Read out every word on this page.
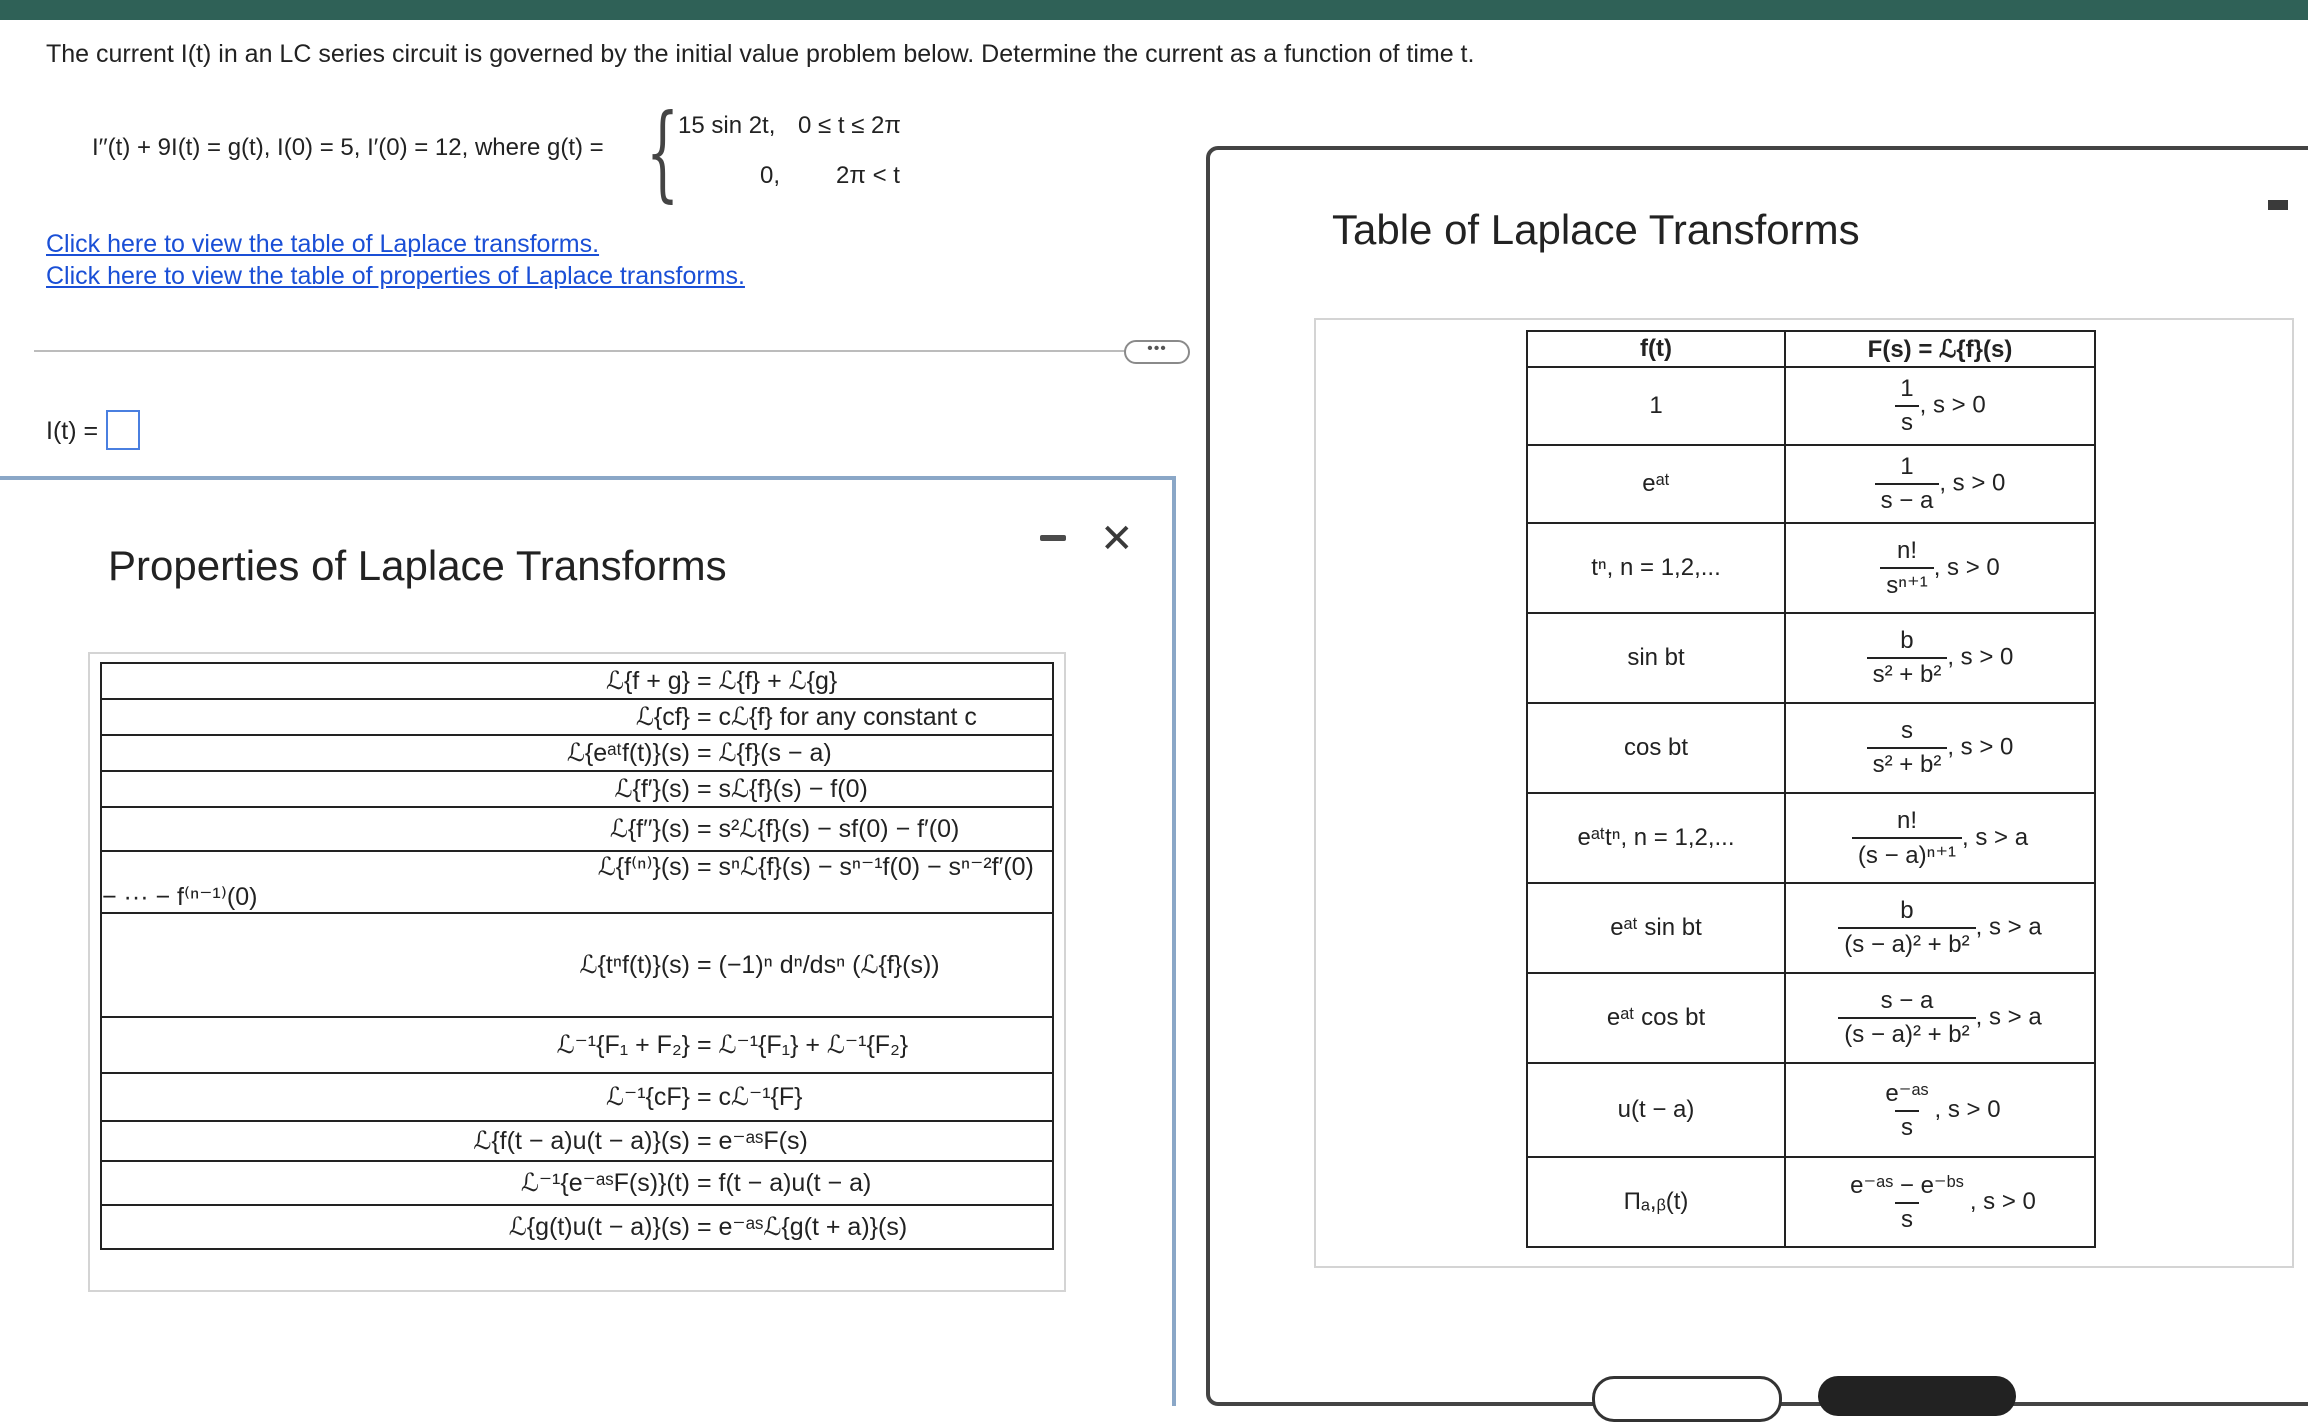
The current I(t) in an LC series circuit is governed by the initial value problem below. Determine the current as a function of time t.
I′′(t) + 9I(t) = g(t), I(0) = 5, I′(0) = 12, where g(t) = {
15 sin 2t, 0 ≤ t ≤ 2π
0, 2π < t
Click here to view the table of Laplace transforms.
Click here to view the table of properties of Laplace transforms.
•••
I(t) =
Properties of Laplace Transforms
✕
ℒ{f + g} = ℒ{f} + ℒ{g}
ℒ{cf} = cℒ{f} for any constant c
ℒ{eᵃᵗf(t)}(s) = ℒ{f}(s − a)
ℒ{f′}(s) = sℒ{f}(s) − f(0)
ℒ{f′′}(s) = s²ℒ{f}(s) − sf(0) − f′(0)
ℒ{f⁽ⁿ⁾}(s) = sⁿℒ{f}(s) − sⁿ⁻¹f(0) − sⁿ⁻²f′(0) − ··· − f⁽ⁿ⁻¹⁾(0)
ℒ{tⁿf(t)}(s) = (−1)ⁿ dⁿ/dsⁿ (ℒ{f}(s))
ℒ⁻¹{F₁ + F₂} = ℒ⁻¹{F₁} + ℒ⁻¹{F₂}
ℒ⁻¹{cF} = cℒ⁻¹{F}
ℒ{f(t − a)u(t − a)}(s) = e⁻ᵃˢF(s)
ℒ⁻¹{e⁻ᵃˢF(s)}(t) = f(t − a)u(t − a)
ℒ{g(t)u(t − a)}(s) = e⁻ᵃˢℒ{g(t + a)}(s)
Table of Laplace Transforms
f(t)	F(s) = ℒ{f}(s)
1	$\frac{1}{s}$ , s > 0
eᵃᵗ	$\frac{1}{s - a}$ , s > 0
tⁿ, n = 1,2,...	$\frac{n!}{\text{sⁿ⁺¹}}$ , s > 0
sin bt	$\frac{b}{\text{s² + b²}}$ , s > 0
cos bt	$\frac{s}{\text{s² + b²}}$ , s > 0
eᵃᵗtⁿ, n = 1,2,...	$\frac{n!}{\text{(s − a)ⁿ⁺¹}}$ , s > a
eᵃᵗ sin bt	$\frac{b}{\text{(s − a)² + b²}}$ , s > a
eᵃᵗ cos bt	$\frac{s - a}{\text{(s − a)² + b²}}$ , s > a
u(t − a)	$\frac{\text{e⁻ᵃˢ}}{s}$ , s > 0
Πₐ,ᵦ(t)	$\frac{\text{e⁻ᵃˢ − e⁻ᵇˢ}}{s}$ , s > 0
